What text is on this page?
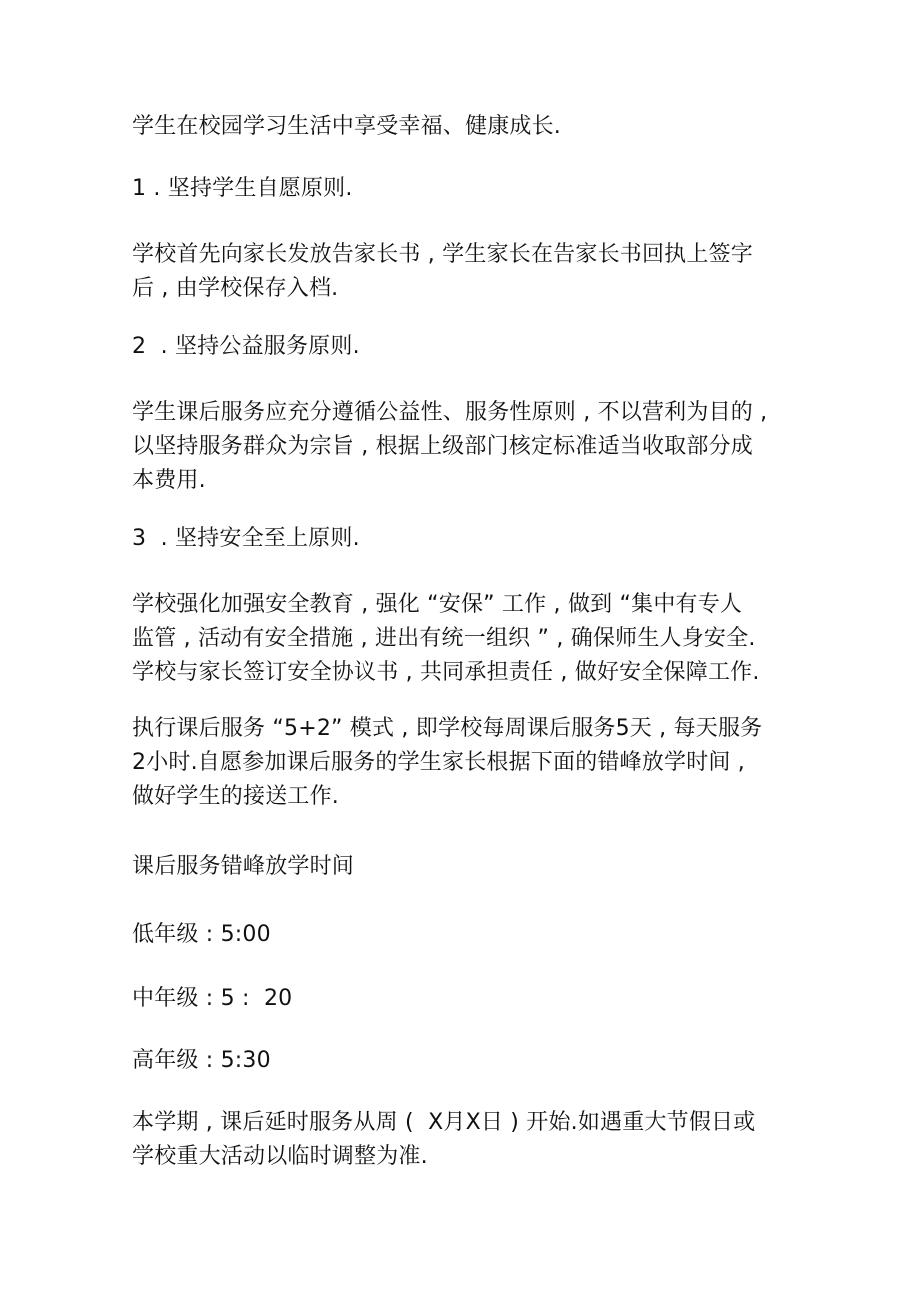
学生在校园学习生活中享受幸福、健康成长.
1 . 坚持学生自愿原则.
学校首先向家长发放告家长书 , 学生家长在告家长书回执上签字
后 , 由学校保存入档.
2  . 坚持公益服务原则.
学生课后服务应充分遵循公益性、服务性原则 , 不以营利为目的 ,
以坚持服务群众为宗旨 , 根据上级部门核定标准适当收取部分成
本费用.
3  . 坚持安全至上原则.
学校强化加强安全教育 , 强化 “安保” 工作 , 做到 “集中有专人
监管 , 活动有安全措施 , 进出有统一组织 ” , 确保师生人身安全.
学校与家长签订安全协议书 , 共同承担责任 , 做好安全保障工作.
执行课后服务 “5+2” 模式 , 即学校每周课后服务5天 , 每天服务
2小时.自愿参加课后服务的学生家长根据下面的错峰放学时间 ,
做好学生的接送工作.
课后服务错峰放学时间
低年级 : 5:00
中年级 : 5 :  20
高年级 : 5:30
本学期 , 课后延时服务从周 (  X月X日 ) 开始.如遇重大节假日或
学校重大活动以临时调整为准.
